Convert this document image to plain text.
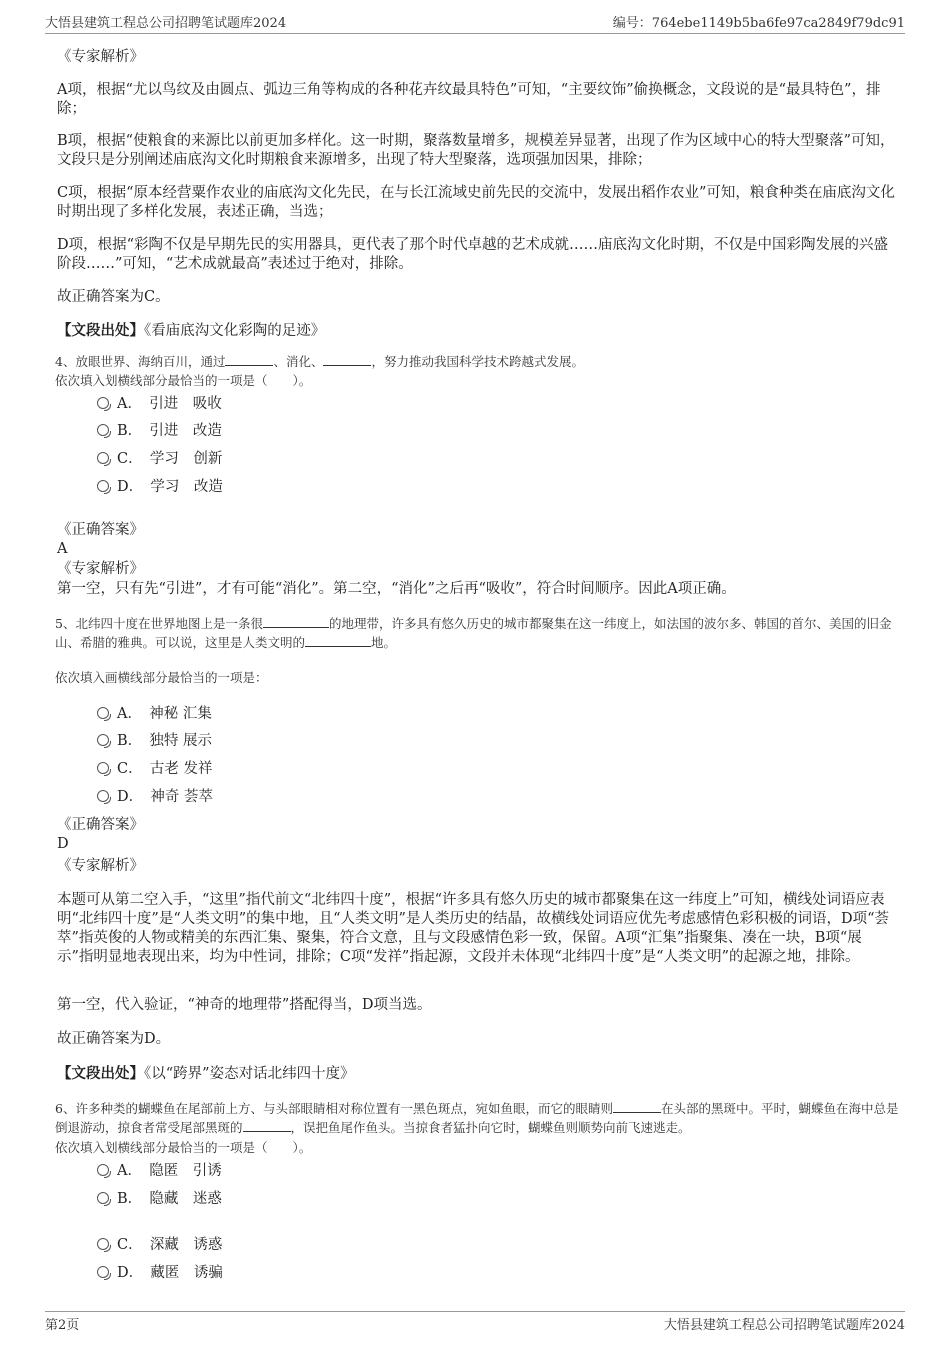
大悟县建筑工程总公司招聘笔试题库2024	编号：764ebe1149b5ba6fe97ca2849f79dc91
《专家解析》
A项，根据“尤以鸟纹及由圆点、弧边三角等构成的各种花卉纹最具特色”可知，“主要纹饰”偷换概念，文段说的是“最具特色”，排除；
B项，根据“使粮食的来源比以前更加多样化。这一时期，聚落数量增多，规模差异显著，出现了作为区域中心的特大型聚落”可知，文段只是分别阐述庙底沟文化时期粮食来源增多，出现了特大型聚落，选项强加因果，排除；
C项，根据“原本经营粟作农业的庙底沟文化先民，在与长江流域史前先民的交流中，发展出稻作农业”可知，粮食种类在庙底沟文化时期出现了多样化发展，表述正确，当选；
D项，根据“彩陶不仅是早期先民的实用器具，更代表了那个时代卓越的艺术成就……庙底沟文化时期，不仅是中国彩陶发展的兴盛阶段……”可知，“艺术成就最高”表述过于绝对，排除。
故正确答案为C。
【文段出处】《看庙底沟文化彩陶的足迹》
4、放眼世界、海纳百川，通过	、消化、	，努力推动我国科学技术跨越式发展。
依次填入划横线部分最恰当的一项是（　　）。
A．　引进　吸收
B．　引进　改造
C．　学习　创新
D．　学习　改造
《正确答案》
A
《专家解析》
第一空，只有先“引进”，才有可能“消化”。第二空，“消化”之后再“吸收”，符合时间顺序。因此A项正确。
5、北纬四十度在世界地图上是一条很	的地理带，许多具有悠久历史的城市都聚集在这一纬度上，如法国的波尔多、韩国的首尔、美国的旧金山、希腊的雅典。可以说，这里是人类文明的	地。
依次填入画横线部分最恰当的一项是：
A．　神秘 汇集
B．　独特 展示
C．　古老 发祥
D．　神奇 荟萃
《正确答案》
D
《专家解析》
本题可从第二空入手，“这里”指代前文“北纬四十度”，根据“许多具有悠久历史的城市都聚集在这一纬度上”可知，横线处词语应表明“北纬四十度”是“人类文明”的集中地，且“人类文明”是人类历史的结晶，故横线处词语应优先考虑感情色彩积极的词语，D项“荟萃”指英俊的人物或精美的东西汇集、聚集，符合文意，且与文段感情色彩一致，保留。A项“汇集”指聚集、凑在一块，B项“展示”指明显地表现出来，均为中性词，排除；C项“发祥”指起源，文段并未体现“北纬四十度”是“人类文明”的起源之地，排除。
第一空，代入验证，“神奇的地理带”搭配得当，D项当选。
故正确答案为D。
【文段出处】《以“跨界”姿态对话北纬四十度》
6、许多种类的蝴蝶鱼在尾部前上方、与头部眼睛相对称位置有一黑色斑点，宛如鱼眼，而它的眼睛则	在头部的黑斑中。平时，蝴蝶鱼在海中总是倒退游动，掠食者常受尾部黑斑的	，误把鱼尾作鱼头。当掠食者猛扑向它时，蝴蝶鱼则顺势向前飞速逃走。
依次填入划横线部分最恰当的一项是（　　）。
A．　隐匿　引诱
B．　隐藏　迷惑
C．　深藏　诱惑
D．　藏匿　诱骗
第2页	大悟县建筑工程总公司招聘笔试题库2024
